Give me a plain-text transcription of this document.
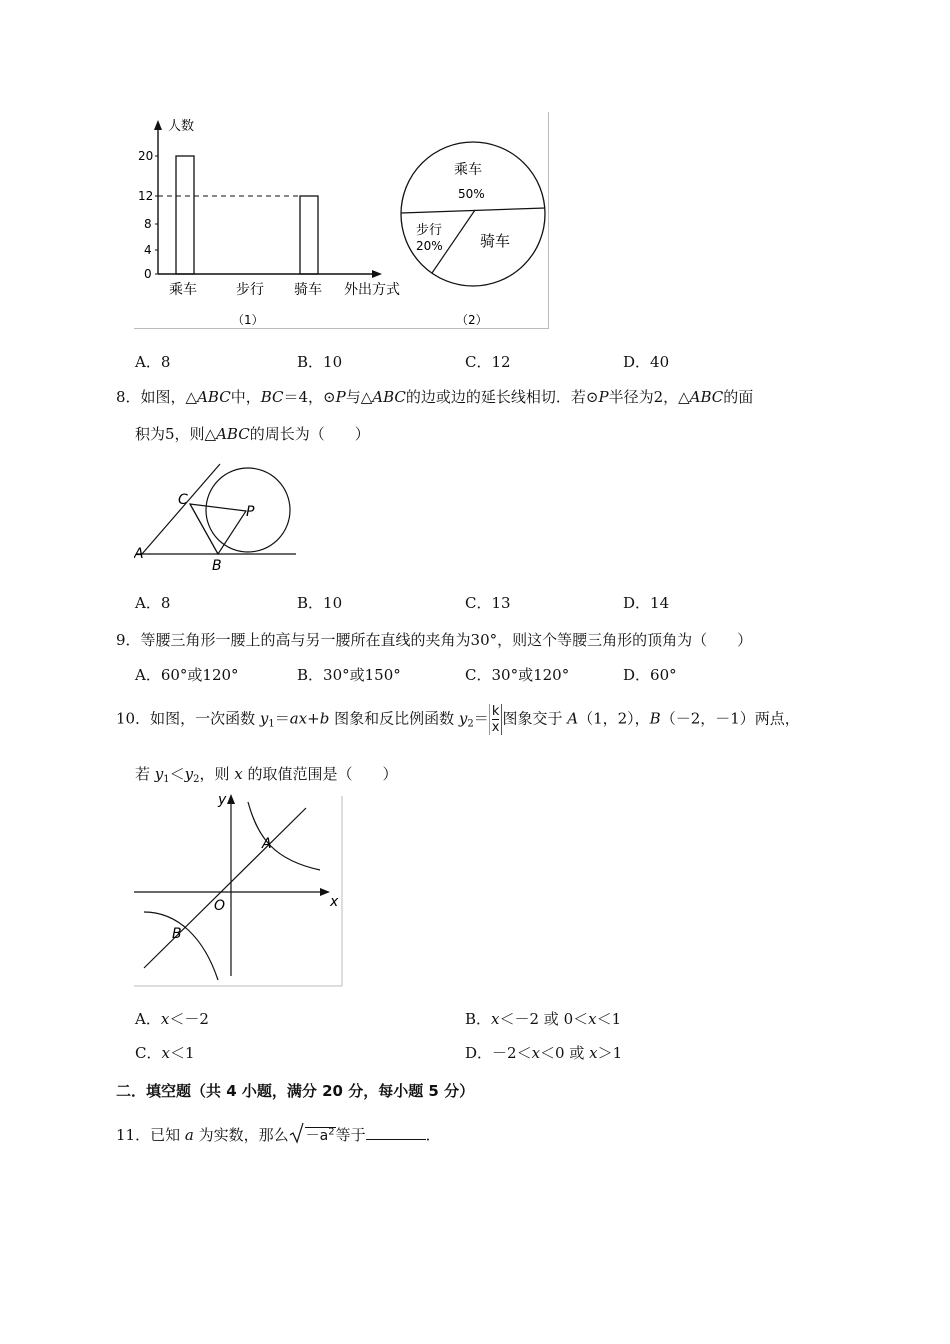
人数
0
4
8
12
20
乘车	步行 骑车 外出方式
（1）
乘车
50%
步行
20% 骑车
（2）
A．8	B．10	C．12	D．40
8．如图，△ABC中，BC＝4，⊙P与△ABC的边或边的延长线相切．若⊙P半径为2，△ABC的面
积为5，则△ABC的周长为（　　）
A
B
C
P
A．8	B．10	C．13	D．14
9．等腰三角形一腰上的高与另一腰所在直线的夹角为30°，则这个等腰三角形的顶角为（　　）
A．60°或120°	B．30°或150°	C．30°或120°	D．60°
10．如图，一次函数 $y_1=ax+b$ 图象和反比例函数 $y_2= \frac{k}{x}$图象交于 A（1，2），B（－2，－1）两点，
若 $y_1<y_2$，则 x 的取值范围是（　　）
y
x
O
A
B
A．x＜－2	B．x＜－2 或 0＜x＜1
C．x＜1	D．－2＜x＜0 或 x＞1
二．填空题（共 4 小题，满分 20 分，每小题 5 分）
11．已知 a 为实数，那么 $-a^2$等于	．
